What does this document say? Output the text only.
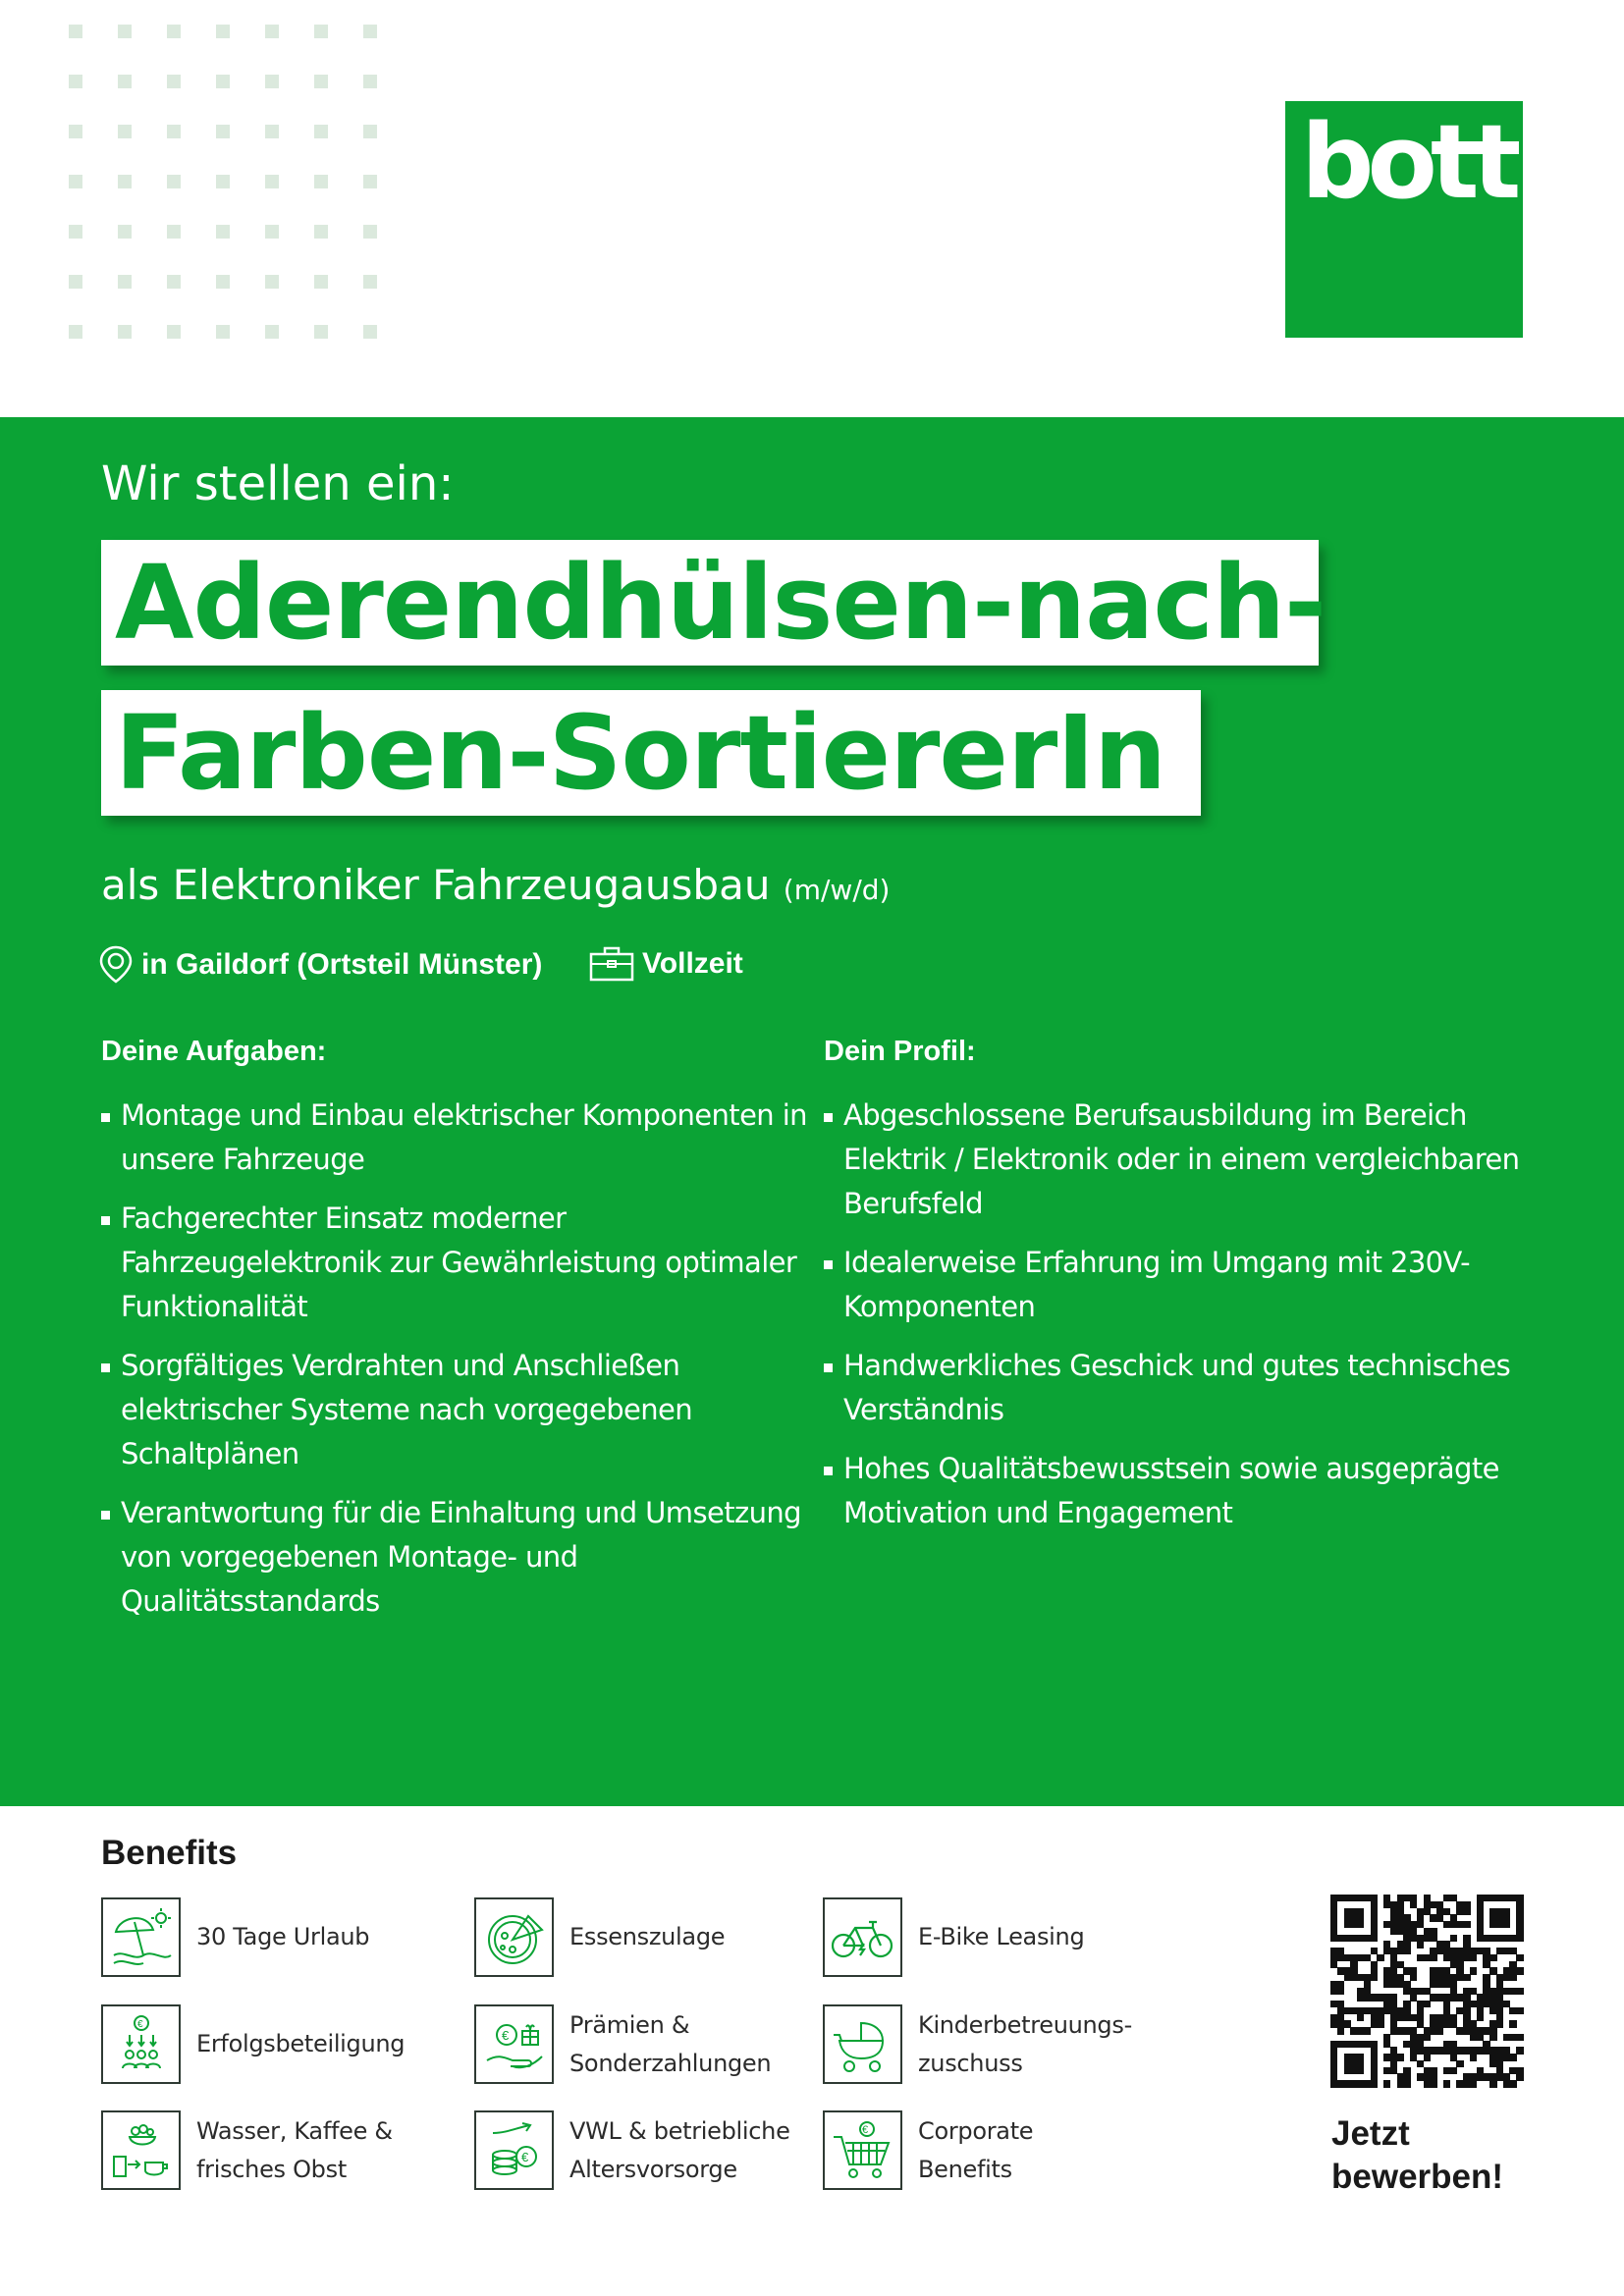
bott
Wir stellen ein:
Aderendhülsen-nach-
Farben-SortiererIn
als Elektroniker Fahrzeugausbau (m/w/d)
in Gaildorf (Ortsteil Münster)	Vollzeit
Deine Aufgaben:
Montage und Einbau elektrischer Komponenten in unsere Fahrzeuge
Fachgerechter Einsatz moderner Fahrzeugelektronik zur Gewährleistung optimaler Funktionalität
Sorgfältiges Verdrahten und Anschließen elektrischer Systeme nach vorgegebenen Schaltplänen
Verantwortung für die Einhaltung und Umsetzung von vorgegebenen Montage- und Qualitätsstandards
Dein Profil:
Abgeschlossene Berufsausbildung im Bereich Elektrik / Elektronik oder in einem vergleichbaren Berufsfeld
Idealerweise Erfahrung im Umgang mit 230V-Komponenten
Handwerkliches Geschick und gutes technisches Verständnis
Hohes Qualitätsbewusstsein sowie ausgeprägte Motivation und Engagement
Benefits
30 Tage Urlaub	Essenszulage	E-Bike Leasing
€
Erfolgsbeteiligung	€	Prämien &
Sonderzahlungen
Kinderbetreuungs-
zuschuss
Wasser, Kaffee &
frisches Obst	€
VWL & betriebliche
Altersvorsorge
€ Corporate
Benefits
Jetzt
bewerben!
